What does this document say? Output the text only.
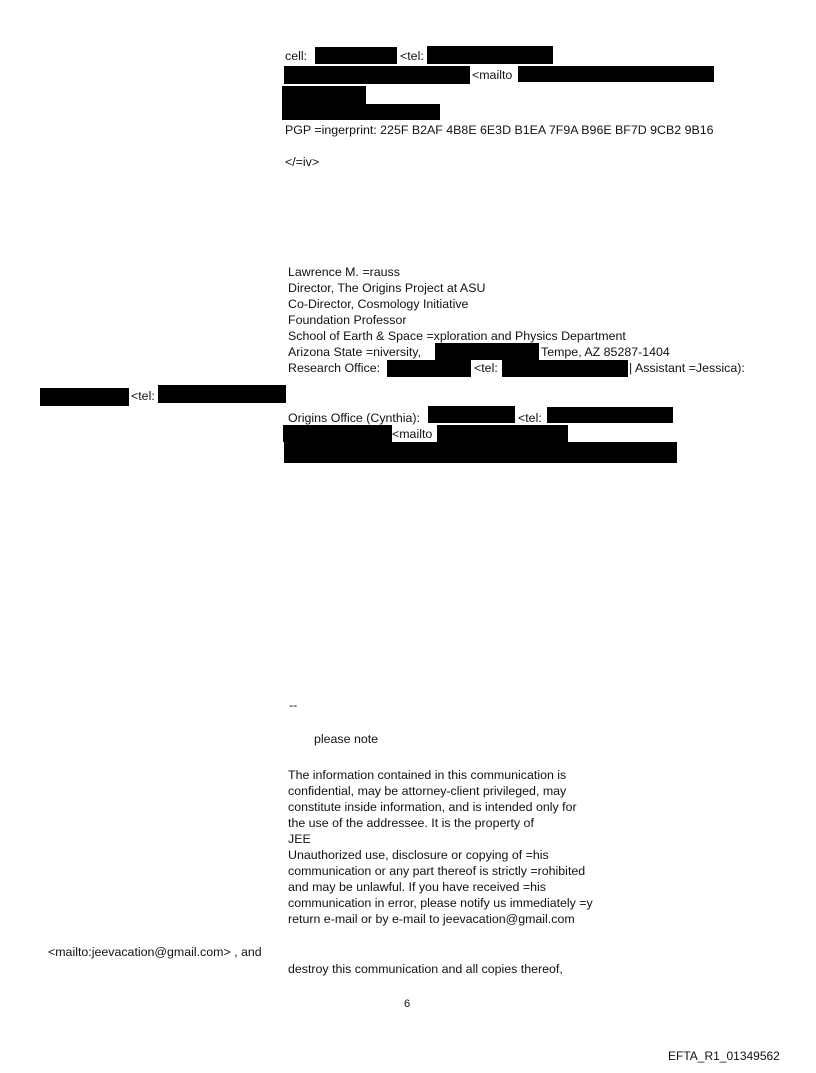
cell:	<tel:
<mailto
PGP =ingerprint: 225F B2AF 4B8E 6E3D B1EA 7F9A B96E BF7D 9CB2 9B16
</=iv>
Lawrence M. =rauss
Director, The Origins Project at ASU
Co-Director, Cosmology Initiative
Foundation Professor
School of Earth & Space =xploration and Physics Department
Arizona State =niversity,	Tempe, AZ 85287-1404
Research Office:	<tel:	| Assistant =Jessica):
<tel:
Origins Office (Cynthia):	<tel:
<mailto
--
please note
The information contained in this communication is
confidential, may be attorney-client privileged, may
constitute inside information, and is intended only for
the use of the addressee. It is the property of
JEE
Unauthorized use, disclosure or copying of =his
communication or any part thereof is strictly =rohibited
and may be unlawful. If you have received =his
communication in error, please notify us immediately =y
return e-mail or by e-mail to jeevacation@gmail.com
<mailto:jeevacation@gmail.com> , and
destroy this communication and all copies thereof,
6
EFTA_R1_01349562
